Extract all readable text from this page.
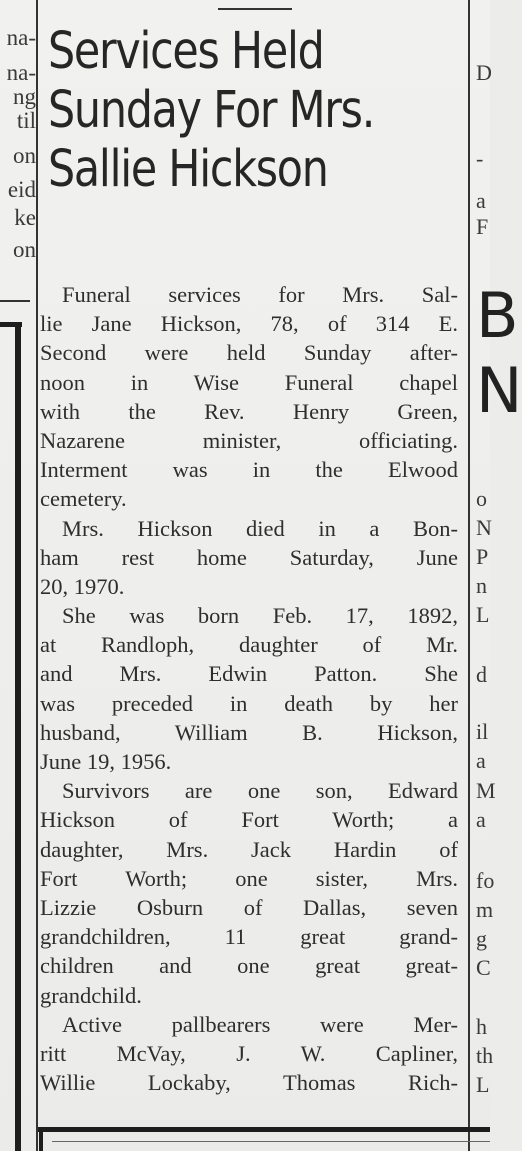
na-
na-
ng
til
on
eid
ke
on
Services Held
Sunday For Mrs.
Sallie Hickson
Funeral services for Mrs. Sal-
lie Jane Hickson, 78, of 314 E.
Second were held Sunday after-
noon in Wise Funeral chapel
with the Rev. Henry Green,
Nazarene minister, officiating.
Interment was in the Elwood
cemetery.
Mrs. Hickson died in a Bon-
ham rest home Saturday, June
20, 1970.
She was born Feb. 17, 1892,
at Randloph, daughter of Mr.
and Mrs. Edwin Patton. She
was preceded in death by her
husband, William B. Hickson,
June 19, 1956.
Survivors are one son, Edward
Hickson of Fort Worth; a
daughter, Mrs. Jack Hardin of
Fort Worth; one sister, Mrs.
Lizzie Osburn of Dallas, seven
grandchildren, 11 great grand-
children and one great great-
grandchild.
Active pallbearers were Mer-
ritt McVay, J. W. Capliner,
Willie Lockaby, Thomas Rich-
D
-
a
F
B
N
o
N
P
n
L
d
il
a
M
a
fo
m
g
C
h
th
L
